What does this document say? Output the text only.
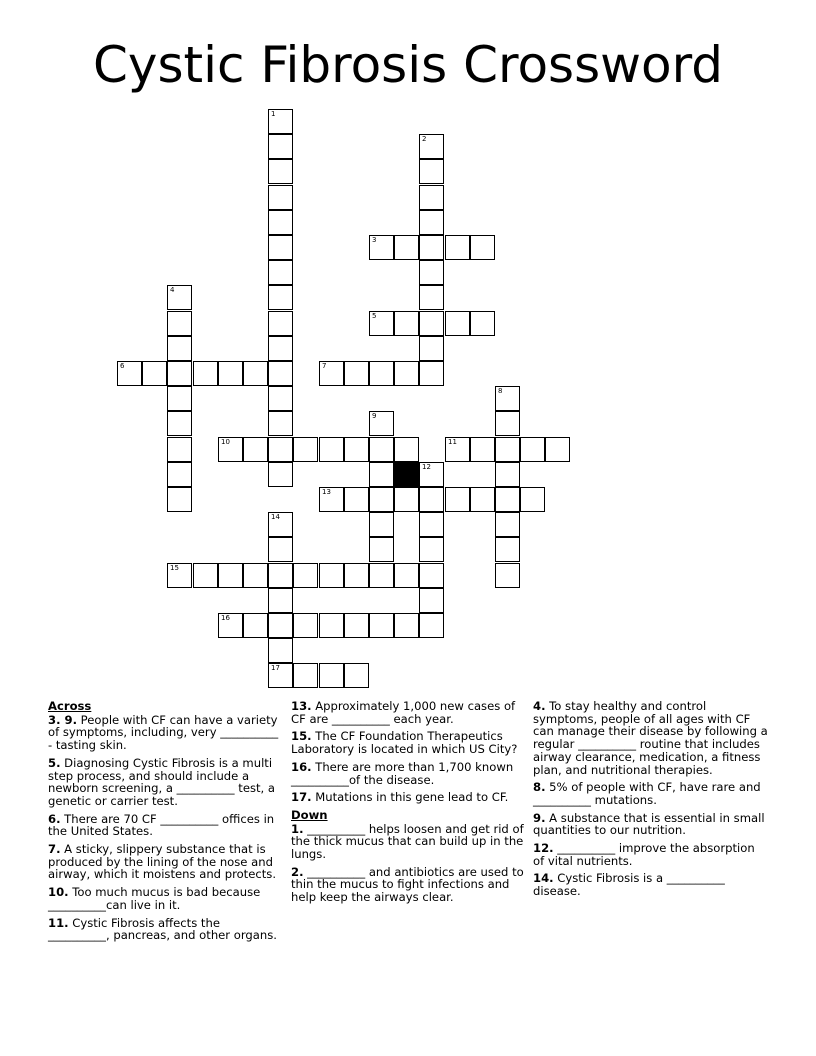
Cystic Fibrosis Crossword
1
2
3
4
5
6	7
8
9
10	11
12
13
14
15
16
17
Across
3. 9. People with CF can have a variety of symptoms, including, very __________ - tasting skin.
5. Diagnosing Cystic Fibrosis is a multi step process, and should include a newborn screening, a __________ test, a genetic or carrier test.
6. There are 70 CF __________ offices in the United States.
7. A sticky, slippery substance that is produced by the lining of the nose and airway, which it moistens and protects.
10. Too much mucus is bad because __________can live in it.
11. Cystic Fibrosis affects the __________, pancreas, and other organs.
13. Approximately 1,000 new cases of CF are __________ each year.
15. The CF Foundation Therapeutics Laboratory is located in which US City?
16. There are more than 1,700 known __________of the disease.
17. Mutations in this gene lead to CF.
Down
1. __________ helps loosen and get rid of the thick mucus that can build up in the lungs.
2. __________ and antibiotics are used to thin the mucus to fight infections and help keep the airways clear.
4. To stay healthy and control symptoms, people of all ages with CF can manage their disease by following a regular __________ routine that includes airway clearance, medication, a fitness plan, and nutritional therapies.
8. 5% of people with CF, have rare and __________ mutations.
9. A substance that is essential in small quantities to our nutrition.
12. __________ improve the absorption of vital nutrients.
14. Cystic Fibrosis is a __________ disease.
